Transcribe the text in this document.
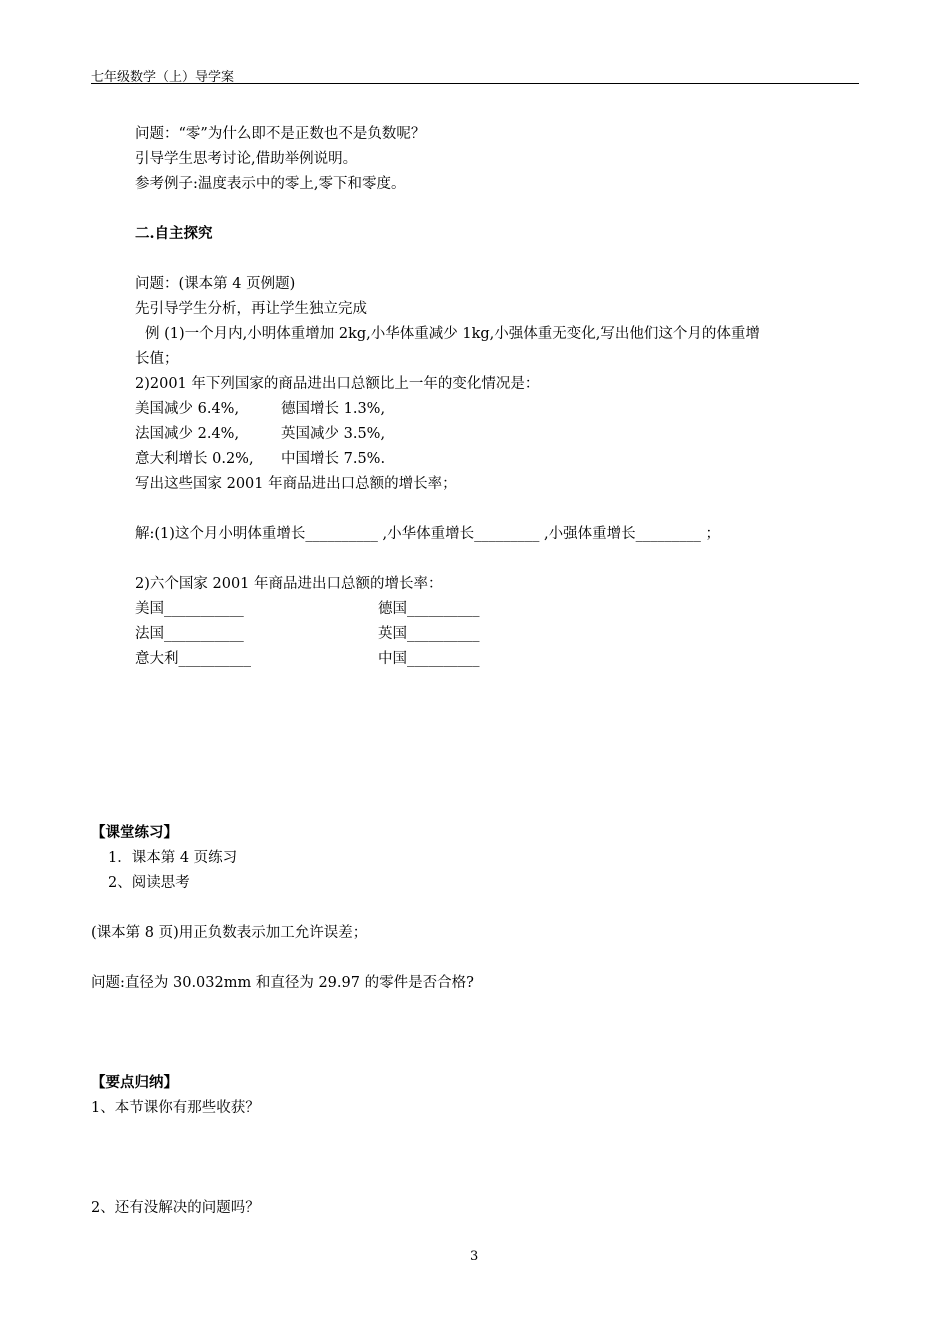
七年级数学（上）导学案
问题：“零”为什么即不是正数也不是负数呢？
引导学生思考讨论,借助举例说明。
参考例子:温度表示中的零上,零下和零度。
二.自主探究
问题：(课本第 4 页例题)
先引导学生分析，再让学生独立完成
例 (1)一个月内,小明体重增加 2kg,小华体重减少 1kg,小强体重无变化,写出他们这个月的体重增
长值；
2)2001 年下列国家的商品进出口总额比上一年的变化情况是：
美国减少 6.4%,	德国增长 1.3%,
法国减少 2.4%,	英国减少 3.5%,
意大利增长 0.2%, 中国增长 7.5%.
写出这些国家 2001 年商品进出口总额的增长率；
解:(1)这个月小明体重增长__________ ,小华体重增长_________ ,小强体重增长_________ ；
2)六个国家 2001 年商品进出口总额的增长率：
美国___________	德国__________
法国___________	英国__________
意大利__________	中国__________
【课堂练习】
1．课本第 4 页练习
2、阅读思考
(课本第 8 页)用正负数表示加工允许误差；
问题:直径为 30.032mm 和直径为 29.97 的零件是否合格?
【要点归纳】
1、本节课你有那些收获？
2、还有没解决的问题吗？
3
